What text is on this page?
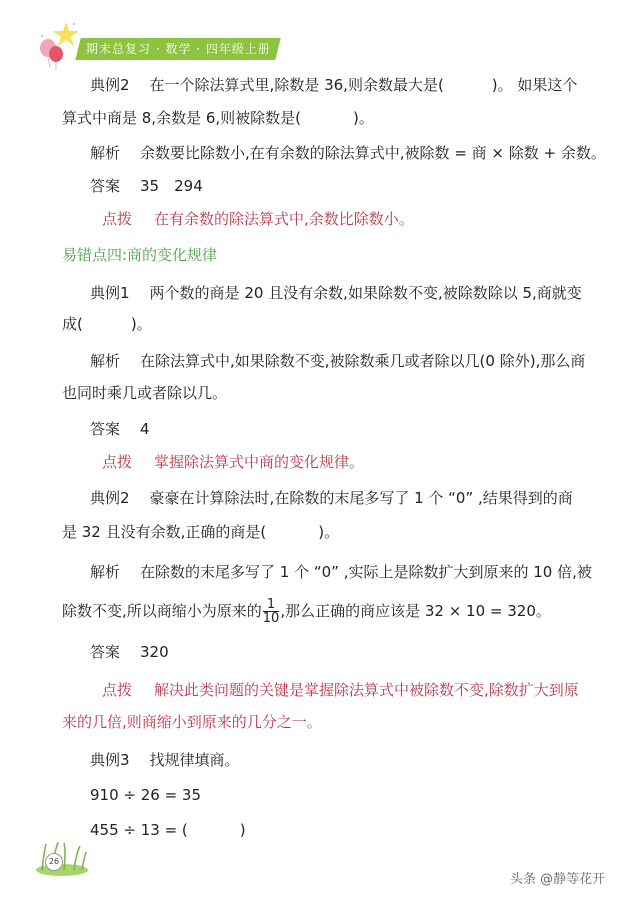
期末总复习 · 数学 · 四年级上册
典例2 在一个除法算式里,除数是 36,则余数最大是(	)。 如果这个
算式中商是 8,余数是 6,则被除数是(	)。
解析 余数要比除数小,在有余数的除法算式中,被除数 = 商 × 除数 + 余数。
答案 35　294
点拨 在有余数的除法算式中,余数比除数小。
易错点四:商的变化规律
典例1 两个数的商是 20 且没有余数,如果除数不变,被除数除以 5,商就变
成(	)。
解析 在除法算式中,如果除数不变,被除数乘几或者除以几(0 除外),那么商
也同时乘几或者除以几。
答案 4
点拨 掌握除法算式中商的变化规律。
典例2 豪豪在计算除法时,在除数的末尾多写了 1 个 “0” ,结果得到的商
是 32 且没有余数,正确的商是(	)。
解析 在除数的末尾多写了 1 个 “0” ,实际上是除数扩大到原来的 10 倍,被
除数不变,所以商缩小为原来的 $\frac{1}{10}$ ,那么正确的商应该是 32 × 10 = 320。
答案 320
点拨 解决此类问题的关键是掌握除法算式中被除数不变,除数扩大到原
来的几倍,则商缩小到原来的几分之一。
典例3 找规律填商。
910 ÷ 26 = 35
455 ÷ 13 = (	)
26
头条 @静等花开
